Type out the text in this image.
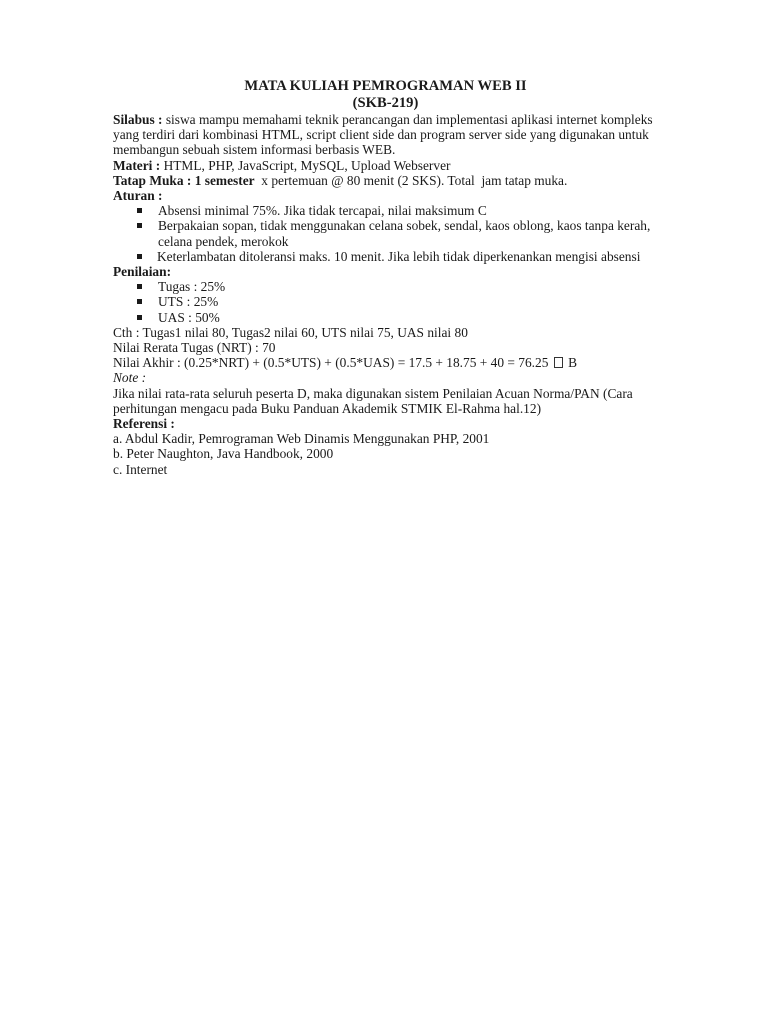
MATA KULIAH PEMROGRAMAN WEB II
(SKB-219)

Silabus : siswa mampu memahami teknik perancangan dan implementasi aplikasi internet kompleks yang terdiri dari kombinasi HTML, script client side dan program server side yang digunakan untuk membangun sebuah sistem informasi berbasis WEB.

Materi : HTML, PHP, JavaScript, MySQL, Upload Webserver

Tatap Muka : 1 semester  x pertemuan @ 80 menit (2 SKS). Total  jam tatap muka.

Aturan :

Absensi minimal 75%. Jika tidak tercapai, nilai maksimum C
Berpakaian sopan, tidak menggunakan celana sobek, sendal, kaos oblong, kaos tanpa kerah, celana pendek, merokok

Keterlambatan ditoleransi maks. 10 menit. Jika lebih tidak diperkenankan mengisi absensi

Penilaian:

Tugas : 25%
UTS : 25%
UAS : 50%

Cth : Tugas1 nilai 80, Tugas2 nilai 60, UTS nilai 75, UAS nilai 80

Nilai Rerata Tugas (NRT) : 70

Nilai Akhir : (0.25*NRT) + (0.5*UTS) + (0.5*UAS) = 17.5 + 18.75 + 40 = 76.25 B

Note :

Jika nilai rata-rata seluruh peserta D, maka digunakan sistem Penilaian Acuan Norma/PAN (Cara perhitungan mengacu pada Buku Panduan Akademik STMIK El-Rahma hal.12)

Referensi :

a. Abdul Kadir, Pemrograman Web Dinamis Menggunakan PHP, 2001

b. Peter Naughton, Java Handbook, 2000

c. Internet
